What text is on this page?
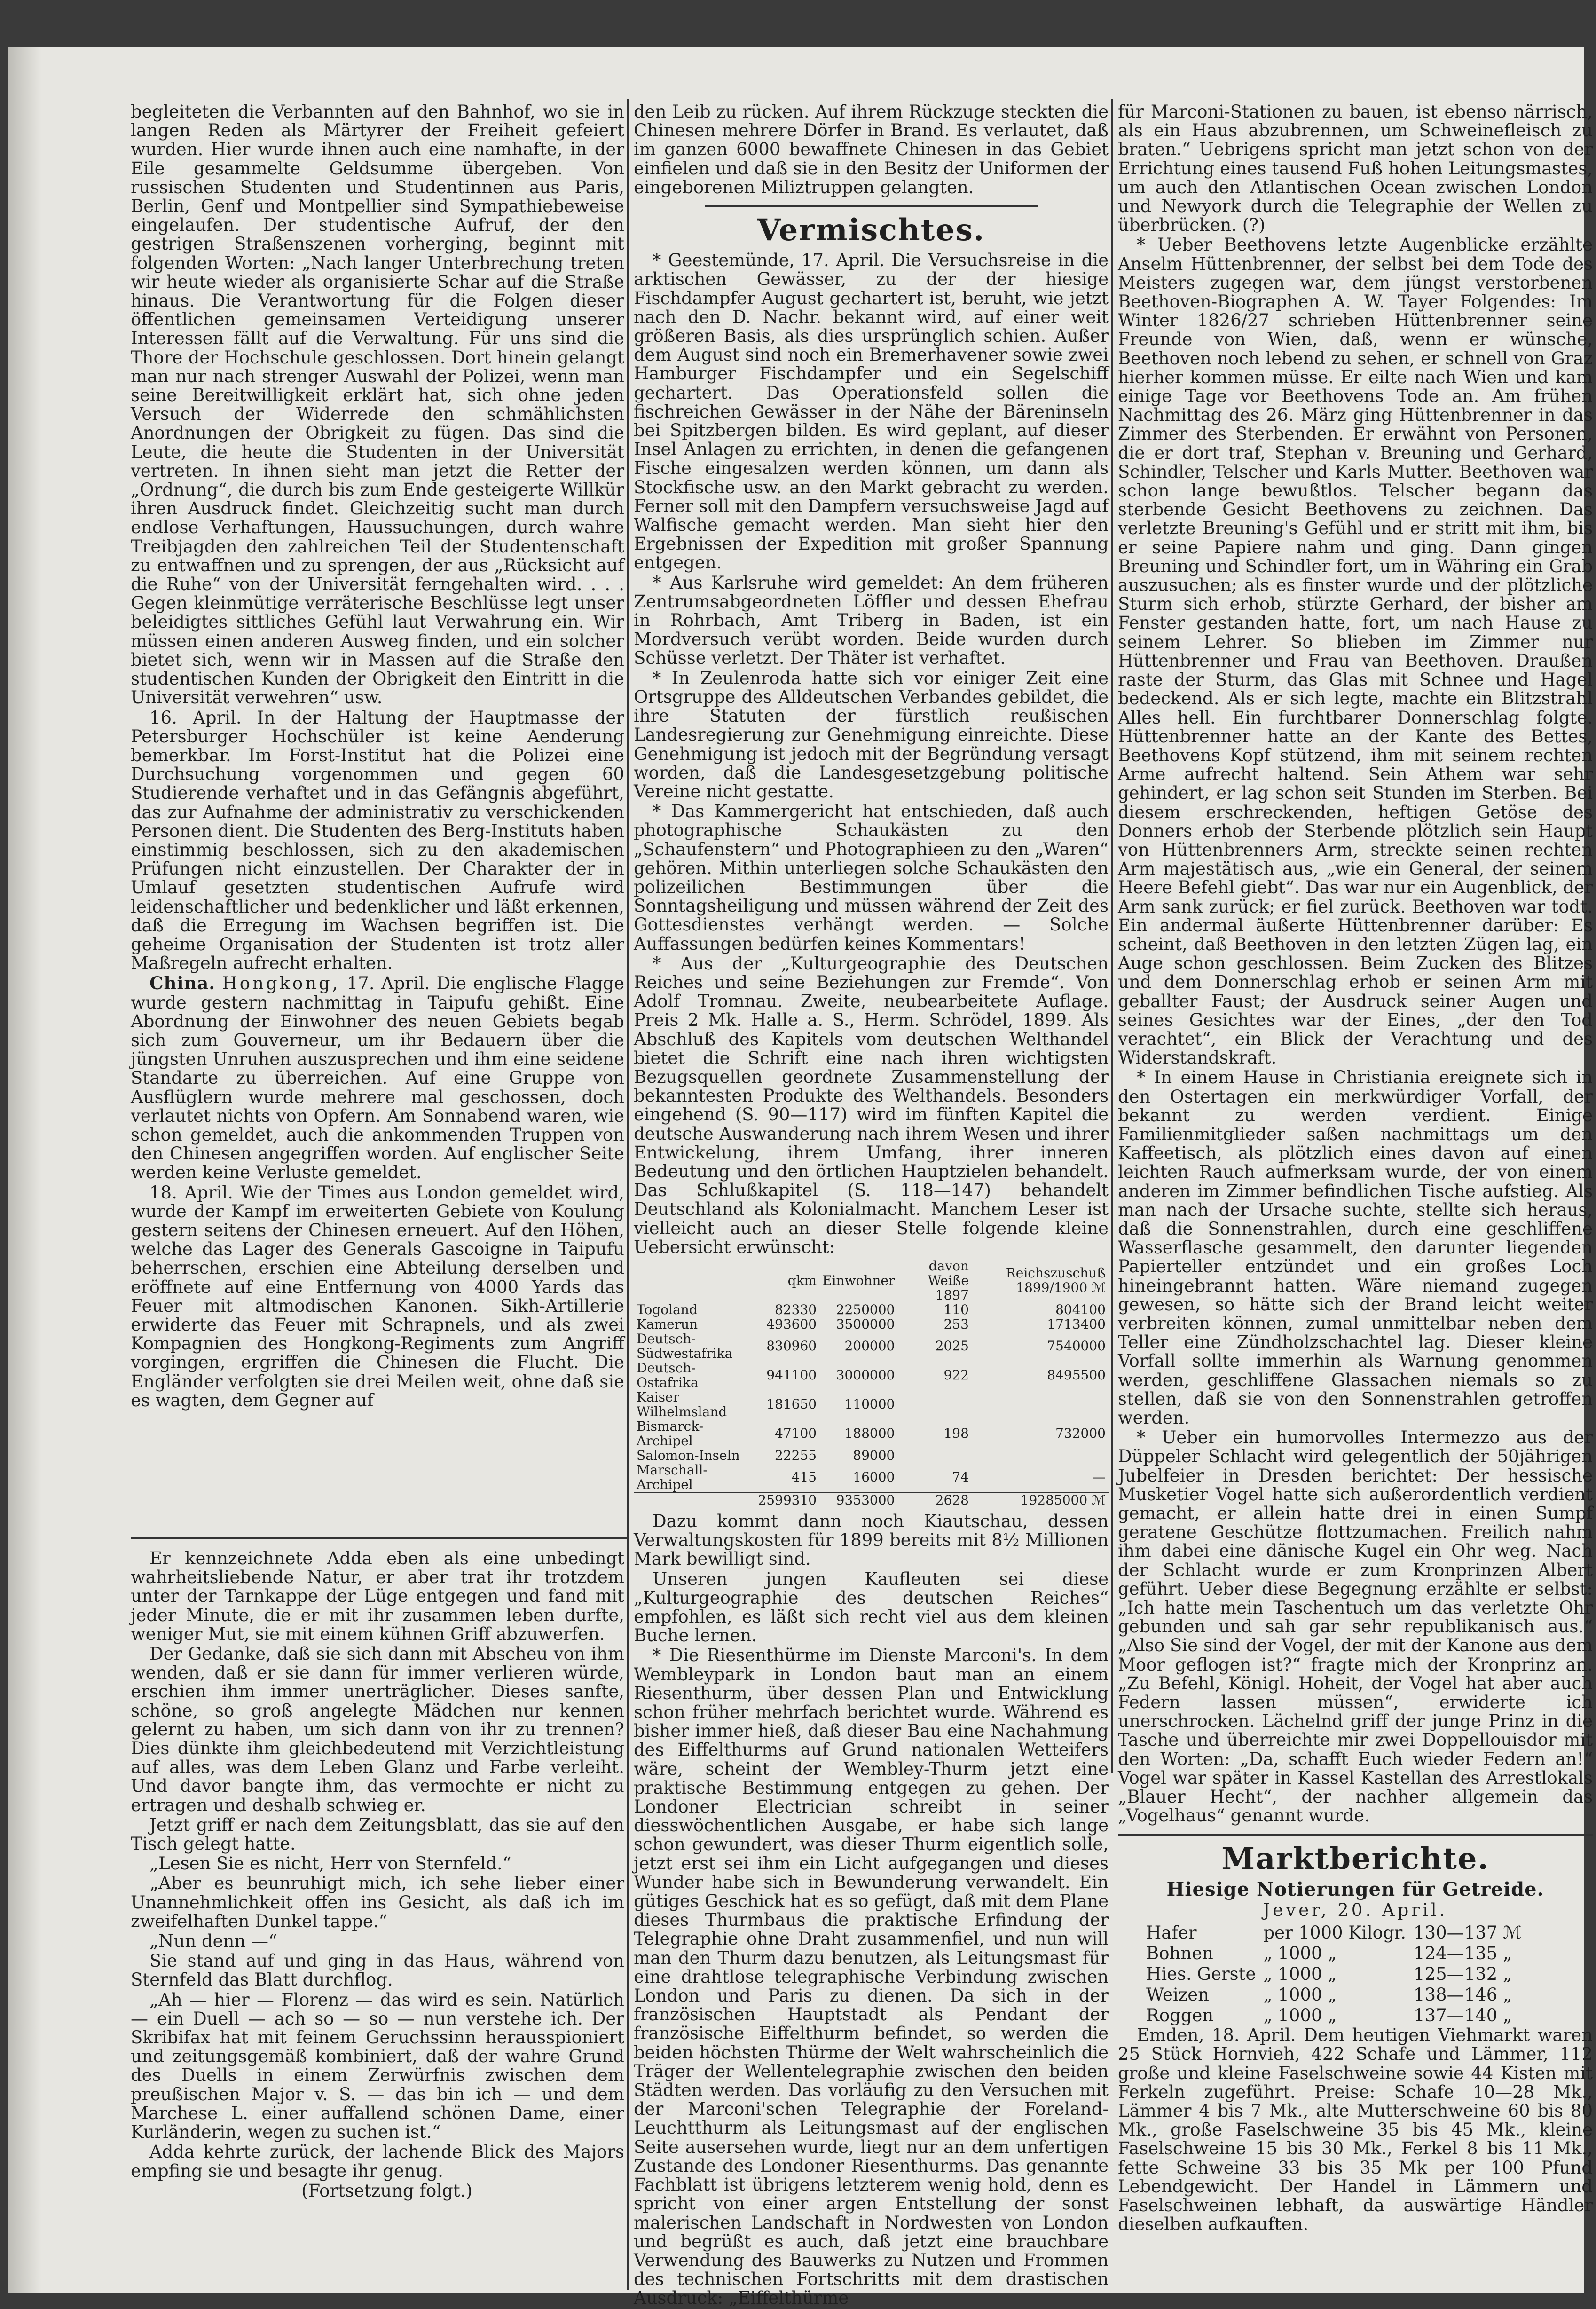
begleiteten die Verbannten auf den Bahnhof, wo sie in langen Reden als Märtyrer der Freiheit gefeiert wurden. Hier wurde ihnen auch eine namhafte, in der Eile gesammelte Geldsumme übergeben. Von russischen Studenten und Studentinnen aus Paris, Berlin, Genf und Montpellier sind Sympathiebeweise eingelaufen. Der studentische Aufruf, der den gestrigen Straßenszenen vorherging, beginnt mit folgenden Worten: „Nach langer Unterbrechung treten wir heute wieder als organisierte Schar auf die Straße hinaus. Die Verantwortung für die Folgen dieser öffentlichen gemeinsamen Verteidigung unserer Interessen fällt auf die Verwaltung. Für uns sind die Thore der Hochschule geschlossen. Dort hinein gelangt man nur nach strenger Auswahl der Polizei, wenn man seine Bereitwilligkeit erklärt hat, sich ohne jeden Versuch der Widerrede den schmählichsten Anordnungen der Obrigkeit zu fügen. Das sind die Leute, die heute die Studenten in der Universität vertreten. In ihnen sieht man jetzt die Retter der „Ordnung“, die durch bis zum Ende gesteigerte Willkür ihren Ausdruck findet. Gleichzeitig sucht man durch endlose Verhaftungen, Haussuchungen, durch wahre Treibjagden den zahlreichen Teil der Studentenschaft zu entwaffnen und zu sprengen, der aus „Rücksicht auf die Ruhe“ von der Universität ferngehalten wird. . . . Gegen kleinmütige verräterische Beschlüsse legt unser beleidigtes sittliches Gefühl laut Verwahrung ein. Wir müssen einen anderen Ausweg finden, und ein solcher bietet sich, wenn wir in Massen auf die Straße den studentischen Kunden der Obrigkeit den Eintritt in die Universität verwehren“ usw.

16. April. In der Haltung der Hauptmasse der Petersburger Hochschüler ist keine Aenderung bemerkbar. Im Forst-Institut hat die Polizei eine Durchsuchung vorgenommen und gegen 60 Studierende verhaftet und in das Gefängnis abgeführt, das zur Aufnahme der administrativ zu verschickenden Personen dient. Die Studenten des Berg-Instituts haben einstimmig beschlossen, sich zu den akademischen Prüfungen nicht einzustellen. Der Charakter der in Umlauf gesetzten studentischen Aufrufe wird leidenschaftlicher und bedenklicher und läßt erkennen, daß die Erregung im Wachsen begriffen ist. Die geheime Organisation der Studenten ist trotz aller Maßregeln aufrecht erhalten.

China. Hongkong, 17. April. Die englische Flagge wurde gestern nachmittag in Taipufu gehißt. Eine Abordnung der Einwohner des neuen Gebiets begab sich zum Gouverneur, um ihr Bedauern über die jüngsten Unruhen auszusprechen und ihm eine seidene Standarte zu überreichen. Auf eine Gruppe von Ausflüglern wurde mehrere mal geschossen, doch verlautet nichts von Opfern. Am Sonnabend waren, wie schon gemeldet, auch die ankommenden Truppen von den Chinesen angegriffen worden. Auf englischer Seite werden keine Verluste gemeldet.

18. April. Wie der Times aus London gemeldet wird, wurde der Kampf im erweiterten Gebiete von Koulung gestern seitens der Chinesen erneuert. Auf den Höhen, welche das Lager des Generals Gascoigne in Taipufu beherrschen, erschien eine Abteilung derselben und eröffnete auf eine Entfernung von 4000 Yards das Feuer mit altmodischen Kanonen. Sikh-Artillerie erwiderte das Feuer mit Schrapnels, und als zwei Kompagnien des Hongkong-Regiments zum Angriff vorgingen, ergriffen die Chinesen die Flucht. Die Engländer verfolgten sie drei Meilen weit, ohne daß sie es wagten, dem Gegner auf

Er kennzeichnete Adda eben als eine unbedingt wahrheitsliebende Natur, er aber trat ihr trotzdem unter der Tarnkappe der Lüge entgegen und fand mit jeder Minute, die er mit ihr zusammen leben durfte, weniger Mut, sie mit einem kühnen Griff abzuwerfen.

Der Gedanke, daß sie sich dann mit Abscheu von ihm wenden, daß er sie dann für immer verlieren würde, erschien ihm immer unerträglicher. Dieses sanfte, schöne, so groß angelegte Mädchen nur kennen gelernt zu haben, um sich dann von ihr zu trennen? Dies dünkte ihm gleichbedeutend mit Verzichtleistung auf alles, was dem Leben Glanz und Farbe verleiht. Und davor bangte ihm, das vermochte er nicht zu ertragen und deshalb schwieg er.

Jetzt griff er nach dem Zeitungsblatt, das sie auf den Tisch gelegt hatte.

„Lesen Sie es nicht, Herr von Sternfeld.“

„Aber es beunruhigt mich, ich sehe lieber einer Unannehmlichkeit offen ins Gesicht, als daß ich im zweifelhaften Dunkel tappe.“

„Nun denn —“

Sie stand auf und ging in das Haus, während von Sternfeld das Blatt durchflog.

„Ah — hier — Florenz — das wird es sein. Natürlich — ein Duell — ach so — so — nun verstehe ich. Der Skribifax hat mit feinem Geruchssinn herausspioniert und zeitungsgemäß kombiniert, daß der wahre Grund des Duells in einem Zerwürfnis zwischen dem preußischen Major v. S. — das bin ich — und dem Marchese L. einer auffallend schönen Dame, einer Kurländerin, wegen zu suchen ist.“

Adda kehrte zurück, der lachende Blick des Majors empfing sie und besagte ihr genug.

(Fortsetzung folgt.)

den Leib zu rücken. Auf ihrem Rückzuge steckten die Chinesen mehrere Dörfer in Brand. Es verlautet, daß im ganzen 6000 bewaffnete Chinesen in das Gebiet einfielen und daß sie in den Besitz der Uniformen der eingeborenen Miliztruppen gelangten.

Vermischtes.

* Geestemünde, 17. April. Die Versuchsreise in die arktischen Gewässer, zu der der hiesige Fischdampfer August gechartert ist, beruht, wie jetzt nach den D. Nachr. bekannt wird, auf einer weit größeren Basis, als dies ursprünglich schien. Außer dem August sind noch ein Bremerhavener sowie zwei Hamburger Fischdampfer und ein Segelschiff gechartert. Das Operationsfeld sollen die fischreichen Gewässer in der Nähe der Bäreninseln bei Spitzbergen bilden. Es wird geplant, auf dieser Insel Anlagen zu errichten, in denen die gefangenen Fische eingesalzen werden können, um dann als Stockfische usw. an den Markt gebracht zu werden. Ferner soll mit den Dampfern versuchsweise Jagd auf Walfische gemacht werden. Man sieht hier den Ergebnissen der Expedition mit großer Spannung entgegen.

* Aus Karlsruhe wird gemeldet: An dem früheren Zentrumsabgeordneten Löffler und dessen Ehefrau in Rohrbach, Amt Triberg in Baden, ist ein Mordversuch verübt worden. Beide wurden durch Schüsse verletzt. Der Thäter ist verhaftet.

* In Zeulenroda hatte sich vor einiger Zeit eine Ortsgruppe des Alldeutschen Verbandes gebildet, die ihre Statuten der fürstlich reußischen Landesregierung zur Genehmigung einreichte. Diese Genehmigung ist jedoch mit der Begründung versagt worden, daß die Landesgesetzgebung politische Vereine nicht gestatte.

* Das Kammergericht hat entschieden, daß auch photographische Schaukästen zu den „Schaufenstern“ und Photographieen zu den „Waren“ gehören. Mithin unterliegen solche Schaukästen den polizeilichen Bestimmungen über die Sonntagsheiligung und müssen während der Zeit des Gottesdienstes verhängt werden. — Solche Auffassungen bedürfen keines Kommentars!

* Aus der „Kulturgeographie des Deutschen Reiches und seine Beziehungen zur Fremde“. Von Adolf Tromnau. Zweite, neubearbeitete Auflage. Preis 2 Mk. Halle a. S., Herm. Schrödel, 1899. Als Abschluß des Kapitels vom deutschen Welthandel bietet die Schrift eine nach ihren wichtigsten Bezugsquellen geordnete Zusammenstellung der bekanntesten Produkte des Welthandels. Besonders eingehend (S. 90—117) wird im fünften Kapitel die deutsche Auswanderung nach ihrem Wesen und ihrer Entwickelung, ihrem Umfang, ihrer inneren Bedeutung und den örtlichen Hauptzielen behandelt. Das Schlußkapitel (S. 118—147) behandelt Deutschland als Kolonialmacht. Manchem Leser ist vielleicht auch an dieser Stelle folgende kleine Uebersicht erwünscht:

	qkm	Einwohner	davon Weiße 1897	Reichszuschuß 1899/1900 ℳ
Togoland	82330	2250000	110	804100
Kamerun	493600	3500000	253	1713400
Deutsch-Südwestafrika	830960	200000	2025	7540000
Deutsch-Ostafrika	941100	3000000	922	8495500
Kaiser Wilhelmsland	181650	110000		
Bismarck-Archipel	47100	188000	198	732000
Salomon-Inseln	22255	89000		
Marschall-Archipel	415	16000	74	—
	2599310	9353000	2628	19285000 ℳ

Dazu kommt dann noch Kiautschau, dessen Verwaltungskosten für 1899 bereits mit 8½ Millionen Mark bewilligt sind.

Unseren jungen Kaufleuten sei diese „Kulturgeographie des deutschen Reiches“ empfohlen, es läßt sich recht viel aus dem kleinen Buche lernen.

* Die Riesenthürme im Dienste Marconi's. In dem Wembleypark in London baut man an einem Riesenthurm, über dessen Plan und Entwicklung schon früher mehrfach berichtet wurde. Während es bisher immer hieß, daß dieser Bau eine Nachahmung des Eiffelthurms auf Grund nationalen Wetteifers wäre, scheint der Wembley-Thurm jetzt eine praktische Bestimmung entgegen zu gehen. Der Londoner Electrician schreibt in seiner diesswöchentlichen Ausgabe, er habe sich lange schon gewundert, was dieser Thurm eigentlich solle, jetzt erst sei ihm ein Licht aufgegangen und dieses Wunder habe sich in Bewunderung verwandelt. Ein gütiges Geschick hat es so gefügt, daß mit dem Plane dieses Thurmbaus die praktische Erfindung der Telegraphie ohne Draht zusammenfiel, und nun will man den Thurm dazu benutzen, als Leitungsmast für eine drahtlose telegraphische Verbindung zwischen London und Paris zu dienen. Da sich in der französischen Hauptstadt als Pendant der französische Eiffelthurm befindet, so werden die beiden höchsten Thürme der Welt wahrscheinlich die Träger der Wellentelegraphie zwischen den beiden Städten werden. Das vorläufig zu den Versuchen mit der Marconi'schen Telegraphie der Foreland-Leuchtthurm als Leitungsmast auf der englischen Seite ausersehen wurde, liegt nur an dem unfertigen Zustande des Londoner Riesenthurms. Das genannte Fachblatt ist übrigens letzterem wenig hold, denn es spricht von einer argen Entstellung der sonst malerischen Landschaft in Nordwesten von London und begrüßt es auch, daß jetzt eine brauchbare Verwendung des Bauwerks zu Nutzen und Frommen des technischen Fortschritts mit dem drastischen Ausdruck: „Eiffelthürme

für Marconi-Stationen zu bauen, ist ebenso närrisch, als ein Haus abzubrennen, um Schweinefleisch zu braten.“ Uebrigens spricht man jetzt schon von der Errichtung eines tausend Fuß hohen Leitungsmastes, um auch den Atlantischen Ocean zwischen London und Newyork durch die Telegraphie der Wellen zu überbrücken. (?)

* Ueber Beethovens letzte Augenblicke erzählte Anselm Hüttenbrenner, der selbst bei dem Tode des Meisters zugegen war, dem jüngst verstorbenen Beethoven-Biographen A. W. Tayer Folgendes: Im Winter 1826/27 schrieben Hüttenbrenner seine Freunde von Wien, daß, wenn er wünsche, Beethoven noch lebend zu sehen, er schnell von Graz hierher kommen müsse. Er eilte nach Wien und kam einige Tage vor Beethovens Tode an. Am frühen Nachmittag des 26. März ging Hüttenbrenner in das Zimmer des Sterbenden. Er erwähnt von Personen, die er dort traf, Stephan v. Breuning und Gerhard, Schindler, Telscher und Karls Mutter. Beethoven war schon lange bewußtlos. Telscher begann das sterbende Gesicht Beethovens zu zeichnen. Das verletzte Breuning's Gefühl und er stritt mit ihm, bis er seine Papiere nahm und ging. Dann gingen Breuning und Schindler fort, um in Währing ein Grab auszusuchen; als es finster wurde und der plötzliche Sturm sich erhob, stürzte Gerhard, der bisher am Fenster gestanden hatte, fort, um nach Hause zu seinem Lehrer. So blieben im Zimmer nur Hüttenbrenner und Frau van Beethoven. Draußen raste der Sturm, das Glas mit Schnee und Hagel bedeckend. Als er sich legte, machte ein Blitzstrahl Alles hell. Ein furchtbarer Donnerschlag folgte. Hüttenbrenner hatte an der Kante des Bettes, Beethovens Kopf stützend, ihm mit seinem rechten Arme aufrecht haltend. Sein Athem war sehr gehindert, er lag schon seit Stunden im Sterben. Bei diesem erschreckenden, heftigen Getöse des Donners erhob der Sterbende plötzlich sein Haupt von Hüttenbrenners Arm, streckte seinen rechten Arm majestätisch aus, „wie ein General, der seinem Heere Befehl giebt“. Das war nur ein Augenblick, der Arm sank zurück; er fiel zurück. Beethoven war todt. Ein andermal äußerte Hüttenbrenner darüber: Es scheint, daß Beethoven in den letzten Zügen lag, ein Auge schon geschlossen. Beim Zucken des Blitzes und dem Donnerschlag erhob er seinen Arm mit geballter Faust; der Ausdruck seiner Augen und seines Gesichtes war der Eines, „der den Tod verachtet“, ein Blick der Verachtung und des Widerstandskraft.

* In einem Hause in Christiania ereignete sich in den Ostertagen ein merkwürdiger Vorfall, der bekannt zu werden verdient. Einige Familienmitglieder saßen nachmittags um den Kaffeetisch, als plötzlich eines davon auf einen leichten Rauch aufmerksam wurde, der von einem anderen im Zimmer befindlichen Tische aufstieg. Als man nach der Ursache suchte, stellte sich heraus, daß die Sonnenstrahlen, durch eine geschliffene Wasserflasche gesammelt, den darunter liegenden Papierteller entzündet und ein großes Loch hineingebrannt hatten. Wäre niemand zugegen gewesen, so hätte sich der Brand leicht weiter verbreiten können, zumal unmittelbar neben dem Teller eine Zündholzschachtel lag. Dieser kleine Vorfall sollte immerhin als Warnung genommen werden, geschliffene Glassachen niemals so zu stellen, daß sie von den Sonnenstrahlen getroffen werden.

* Ueber ein humorvolles Intermezzo aus der Düppeler Schlacht wird gelegentlich der 50jährigen Jubelfeier in Dresden berichtet: Der hessische Musketier Vogel hatte sich außerordentlich verdient gemacht, er allein hatte drei in einen Sumpf geratene Geschütze flottzumachen. Freilich nahm ihm dabei eine dänische Kugel ein Ohr weg. Nach der Schlacht wurde er zum Kronprinzen Albert geführt. Ueber diese Begegnung erzählte er selbst: „Ich hatte mein Taschentuch um das verletzte Ohr gebunden und sah gar sehr republikanisch aus.“ „Also Sie sind der Vogel, der mit der Kanone aus dem Moor geflogen ist?“ fragte mich der Kronprinz an. „Zu Befehl, Königl. Hoheit, der Vogel hat aber auch Federn lassen müssen“, erwiderte ich unerschrocken. Lächelnd griff der junge Prinz in die Tasche und überreichte mir zwei Doppellouisdor mit den Worten: „Da, schafft Euch wieder Federn an!“ Vogel war später in Kassel Kastellan des Arrestlokals „Blauer Hecht“, der nachher allgemein das „Vogelhaus“ genannt wurde.

Marktberichte.
Hiesige Notierungen für Getreide.
Jever, 20. April.
Hafer	per 1000 Kilogr.	130—137 ℳ
Bohnen	„ 1000 „	124—135 „
Hies. Gerste	„ 1000 „	125—132 „
Weizen	„ 1000 „	138—146 „
Roggen	„ 1000 „	137—140 „

Emden, 18. April. Dem heutigen Viehmarkt waren 25 Stück Hornvieh, 422 Schafe und Lämmer, 112 große und kleine Faselschweine sowie 44 Kisten mit Ferkeln zugeführt. Preise: Schafe 10—28 Mk., Lämmer 4 bis 7 Mk., alte Mutterschweine 60 bis 80 Mk., große Faselschweine 35 bis 45 Mk., kleine Faselschweine 15 bis 30 Mk., Ferkel 8 bis 11 Mk., fette Schweine 33 bis 35 Mk per 100 Pfund Lebendgewicht. Der Handel in Lämmern und Faselschweinen lebhaft, da auswärtige Händler dieselben aufkauften.
